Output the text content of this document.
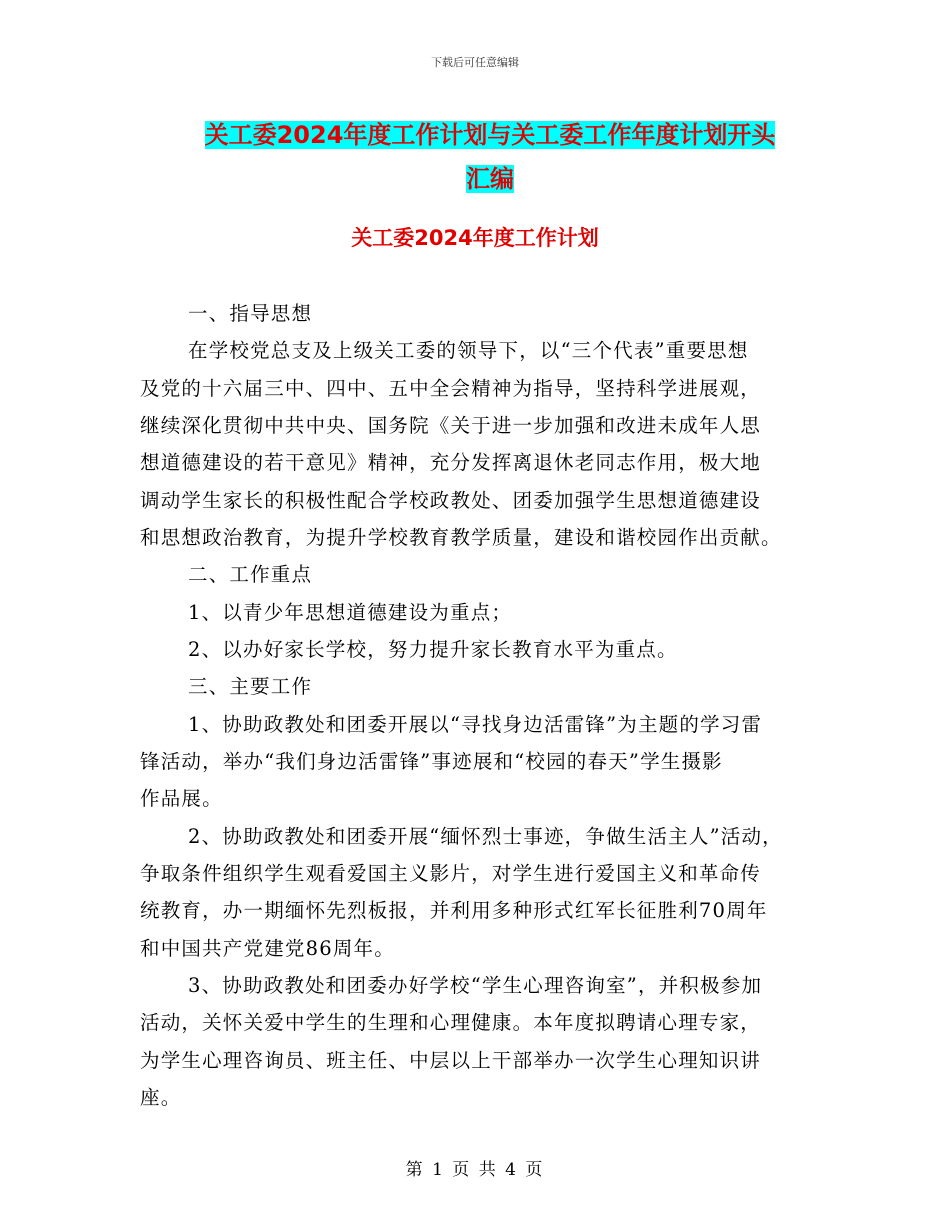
下载后可任意编辑
关工委2024年度工作计划与关工委工作年度计划开头
汇编
关工委2024年度工作计划
一、指导思想
在学校党总支及上级关工委的领导下，以“三个代表”重要思想
及党的十六届三中、四中、五中全会精神为指导，坚持科学进展观，
继续深化贯彻中共中央、国务院《关于进一步加强和改进未成年人思
想道德建设的若干意见》精神，充分发挥离退休老同志作用，极大地
调动学生家长的积极性配合学校政教处、团委加强学生思想道德建设
和思想政治教育，为提升学校教育教学质量，建设和谐校园作出贡献。
二、工作重点
1、以青少年思想道德建设为重点；
2、以办好家长学校，努力提升家长教育水平为重点。
三、主要工作
1、协助政教处和团委开展以“寻找身边活雷锋”为主题的学习雷
锋活动，举办“我们身边活雷锋”事迹展和“校园的春天”学生摄影
作品展。
2、协助政教处和团委开展“缅怀烈士事迹，争做生活主人”活动，
争取条件组织学生观看爱国主义影片，对学生进行爱国主义和革命传
统教育，办一期缅怀先烈板报，并利用多种形式红军长征胜利70周年
和中国共产党建党86周年。
3、协助政教处和团委办好学校“学生心理咨询室”，并积极参加
活动，关怀关爱中学生的生理和心理健康。本年度拟聘请心理专家，
为学生心理咨询员、班主任、中层以上干部举办一次学生心理知识讲
座。
第 1 页 共 4 页
